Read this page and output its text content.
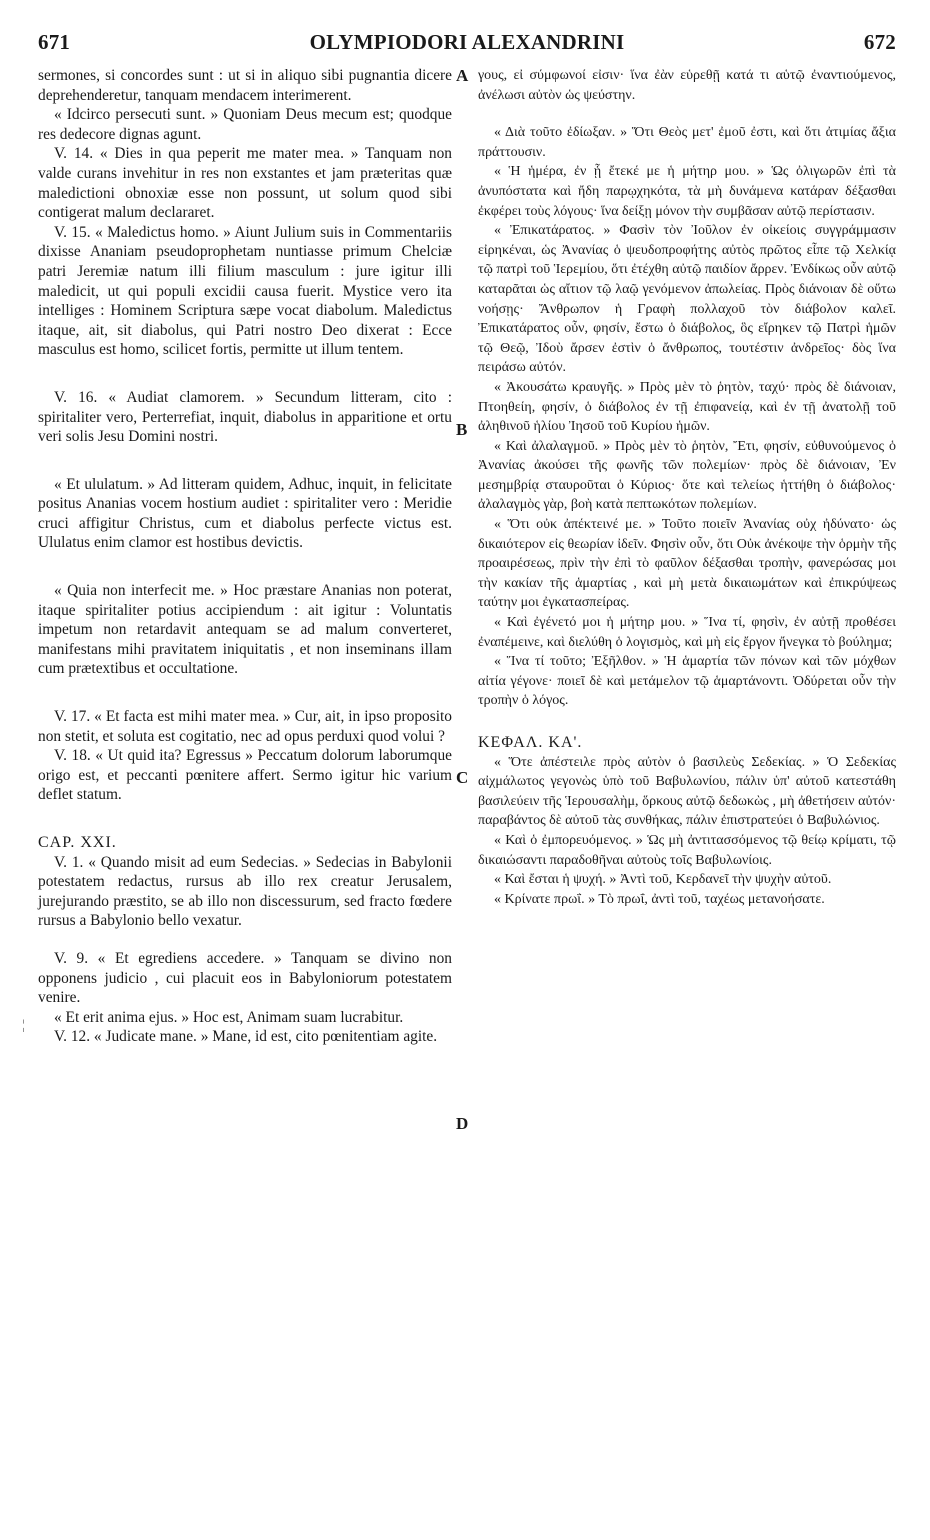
671	OLYMPIODORI ALEXANDRINI	672
A
B
C
D
¦

sermones, si concordes sunt : ut si in aliquo sibi pugnantia dicere deprehenderetur, tanquam mendacem interimerent.

« Idcirco persecuti sunt. » Quoniam Deus mecum est; quodque res dedecore dignas agunt.

V. 14. « Dies in qua peperit me mater mea. » Tanquam non valde curans invehitur in res non exstantes et jam præteritas quæ maledictioni obnoxiæ esse non possunt, ut solum quod sibi contigerat malum declararet.

V. 15. « Maledictus homo. » Aiunt Julium suis in Commentariis dixisse Ananiam pseudoprophetam nuntiasse primum Chelciæ patri Jeremiæ natum illi filium masculum : jure igitur illi maledicit, ut qui populi excidii causa fuerit. Mystice vero ita intelliges : Hominem Scriptura sæpe vocat diabolum. Maledictus itaque, ait, sit diabolus, qui Patri nostro Deo dixerat : Ecce masculus est homo, scilicet fortis, permitte ut illum tentem.

V. 16. « Audiat clamorem. » Secundum litteram, cito : spiritaliter vero, Perterrefiat, inquit, diabolus in apparitione et ortu veri solis Jesu Domini nostri.

« Et ululatum. » Ad litteram quidem, Adhuc, inquit, in felicitate positus Ananias vocem hostium audiet : spiritaliter vero : Meridie cruci affigitur Christus, cum et diabolus perfecte victus est. Ululatus enim clamor est hostibus devictis.

« Quia non interfecit me. » Hoc præstare Ananias non poterat, itaque spiritaliter potius accipiendum : ait igitur : Voluntatis impetum non retardavit antequam se ad malum converteret, manifestans mihi pravitatem iniquitatis , et non inseminans illam cum prætextibus et occultatione.

V. 17. « Et facta est mihi mater mea. » Cur, ait, in ipso proposito non stetit, et soluta est cogitatio, nec ad opus perduxi quod volui ?

V. 18. « Ut quid ita? Egressus » Peccatum dolorum laborumque origo est, et peccanti pœnitere affert. Sermo igitur hic varium deflet statum.

CAP. XXI.

V. 1. « Quando misit ad eum Sedecias. » Sedecias in Babylonii potestatem redactus, rursus ab illo rex creatur Jerusalem, jurejurando præstito, se ab illo non discessurum, sed fracto fœdere rursus a Babylonio bello vexatur.

V. 9. « Et egrediens accedere. » Tanquam se divino non opponens judicio , cui placuit eos in Babyloniorum potestatem venire.

« Et erit anima ejus. » Hoc est, Animam suam lucrabitur.

V. 12. « Judicate mane. » Mane, id est, cito pœnitentiam agite.

γους, εἰ σύμφωνοί εἰσιν· ἵνα ἐὰν εὑρεθῇ κατά τι αὑτῷ ἐναντιούμενος, ἀνέλωσι αὐτὸν ὡς ψεύστην.

« Διὰ τοῦτο ἐδίωξαν. » Ὅτι Θεὸς μετ' ἐμοῦ ἐστι, καὶ ὅτι ἀτιμίας ἄξια πράττουσιν.

« Ἡ ἡμέρα, ἐν ᾗ ἔτεκέ με ἡ μήτηρ μου. » Ὡς ὀλιγωρῶν ἐπὶ τὰ ἀνυπόστατα καὶ ἤδη παρῳχηκότα, τὰ μὴ δυνάμενα κατάραν δέξασθαι ἐκφέρει τοὺς λόγους· ἵνα δείξῃ μόνον τὴν συμβᾶσαν αὐτῷ περίστασιν.

« Ἐπικατάρατος. » Φασὶν τὸν Ἰοῦλον ἐν οἰκείοις συγγράμμασιν εἰρηκέναι, ὡς Ἀνανίας ὁ ψευδοπροφήτης αὐτὸς πρῶτος εἶπε τῷ Χελκίᾳ τῷ πατρὶ τοῦ Ἱερεμίου, ὅτι ἐτέχθη αὐτῷ παιδίον ἄρρεν. Ἐνδίκως οὖν αὐτῷ καταρᾶται ὡς αἴτιον τῷ λαῷ γενόμενον ἀπωλείας. Πρὸς διάνοιαν δὲ οὕτω νοήσῃς· Ἄνθρωπον ἡ Γραφὴ πολλαχοῦ τὸν διάβολον καλεῖ. Ἐπικατάρατος οὖν, φησίν, ἔστω ὁ διάβολος, ὃς εἴρηκεν τῷ Πατρὶ ἡμῶν τῷ Θεῷ, Ἰδοὺ ἄρσεν ἐστὶν ὁ ἄνθρωπος, τουτέστιν ἀνδρεῖος· δὸς ἵνα πειράσω αὐτόν.

« Ἀκουσάτω κραυγῆς. » Πρὸς μὲν τὸ ῥητὸν, ταχύ· πρὸς δὲ διάνοιαν, Πτοηθείη, φησίν, ὁ διάβολος ἐν τῇ ἐπιφανείᾳ, καὶ ἐν τῇ ἀνατολῇ τοῦ ἀληθινοῦ ἡλίου Ἰησοῦ τοῦ Κυρίου ἡμῶν.

« Καὶ ἀλαλαγμοῦ. » Πρὸς μὲν τὸ ῥητὸν, Ἔτι, φησίν, εὐθυνούμενος ὁ Ἀνανίας ἀκούσει τῆς φωνῆς τῶν πολεμίων· πρὸς δὲ διάνοιαν, Ἐν μεσημβρίᾳ σταυροῦται ὁ Κύριος· ὅτε καὶ τελείως ἡττήθη ὁ διάβολος· ἀλαλαγμὸς γὰρ, βοὴ κατὰ πεπτωκότων πολεμίων.

« Ὅτι οὐκ ἀπέκτεινέ με. » Τοῦτο ποιεῖν Ἀνανίας οὐχ ἠδύνατο· ὡς δικαιότερον εἰς θεωρίαν ἰδεῖν. Φησὶν οὖν, ὅτι Οὐκ ἀνέκοψε τὴν ὁρμὴν τῆς προαιρέσεως, πρὶν τὴν ἐπὶ τὸ φαῦλον δέξασθαι τροπὴν, φανερώσας μοι τὴν κακίαν τῆς ἁμαρτίας , καὶ μὴ μετὰ δικαιωμάτων καὶ ἐπικρύψεως ταύτην μοι ἐγκατασπείρας.

« Καὶ ἐγένετό μοι ἡ μήτηρ μου. » Ἵνα τί, φησὶν, ἐν αὐτῇ προθέσει ἐναπέμεινε, καὶ διελύθη ὁ λογισμὸς, καὶ μὴ εἰς ἔργον ἤνεγκα τὸ βούλημα;

« Ἵνα τί τοῦτο; Ἐξῆλθον. » Ἡ ἁμαρτία τῶν πόνων καὶ τῶν μόχθων αἰτία γέγονε· ποιεῖ δὲ καὶ μετάμελον τῷ ἁμαρτάνοντι. Ὀδύρεται οὖν τὴν τροπὴν ὁ λόγος.

ΚΕΦΑΛ. ΚΑ'.

« Ὅτε ἀπέστειλε πρὸς αὐτὸν ὁ βασιλεὺς Σεδεκίας. » Ὁ Σεδεκίας αἰχμάλωτος γεγονὼς ὑπὸ τοῦ Βαβυλωνίου, πάλιν ὑπ' αὐτοῦ κατεστάθη βασιλεύειν τῆς Ἱερουσαλὴμ, ὅρκους αὐτῷ δεδωκὼς , μὴ ἀθετήσειν αὐτόν· παραβάντος δὲ αὐτοῦ τὰς συνθήκας, πάλιν ἐπιστρατεύει ὁ Βαβυλώνιος.

« Καὶ ὁ ἐμπορευόμενος. » Ὡς μὴ ἀντιτασσόμενος τῷ θείῳ κρίματι, τῷ δικαιώσαντι παραδοθῆναι αὐτοὺς τοῖς Βαβυλωνίοις.

« Καὶ ἔσται ἡ ψυχή. » Ἀντὶ τοῦ, Κερδανεῖ τὴν ψυχὴν αὐτοῦ.

« Κρίνατε πρωΐ. » Τὸ πρωΐ, ἀντὶ τοῦ, ταχέως μετανοήσατε.
